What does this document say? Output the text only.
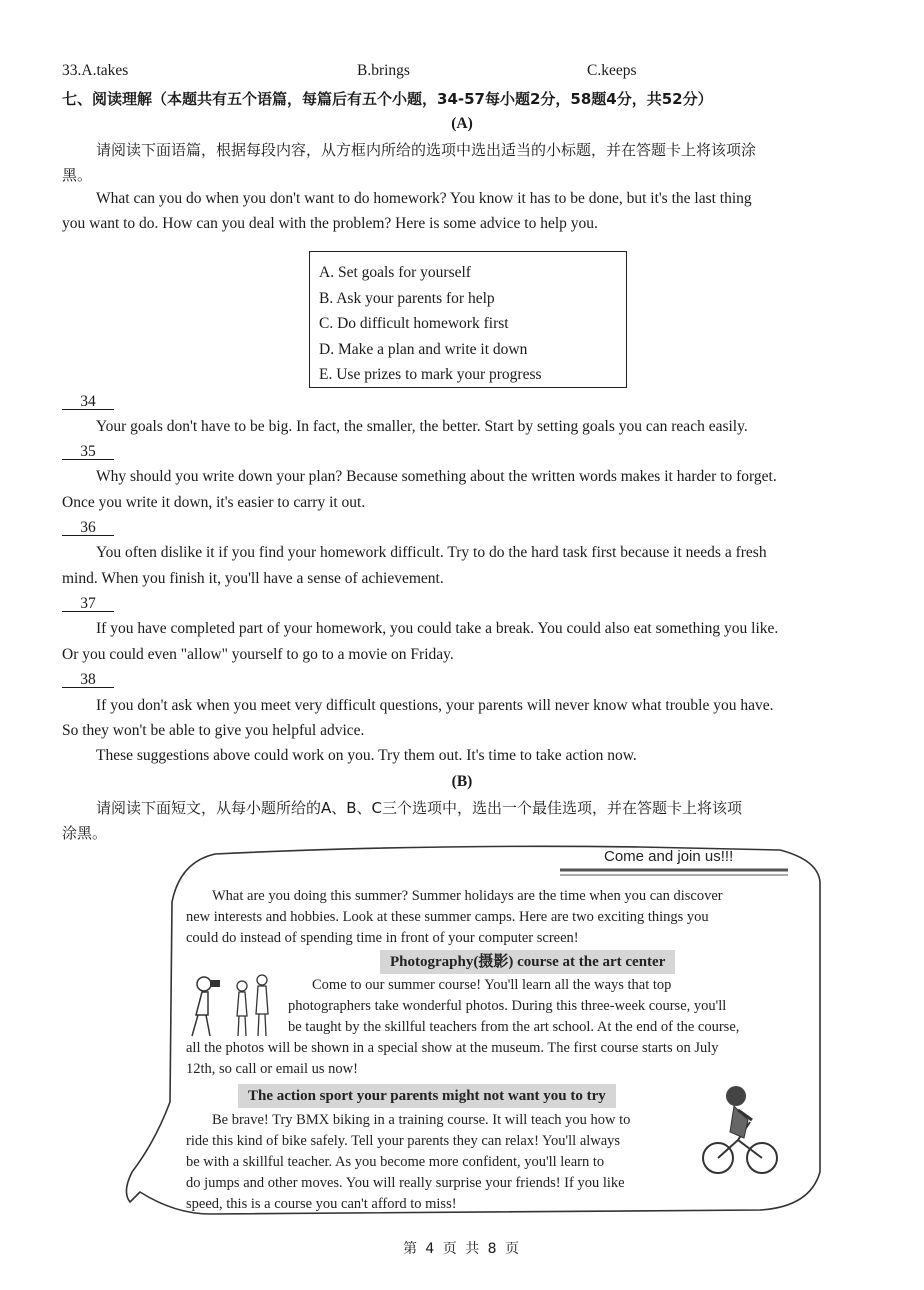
33.A.takes	B.brings	C.keeps

七、阅读理解（本题共有五个语篇，每篇后有五个小题，34-57每小题2分，58题4分，共52分）

(A)

请阅读下面语篇，根据每段内容，从方框内所给的选项中选出适当的小标题，并在答题卡上将该项涂

黑。

What can you do when you don't want to do homework? You know it has to be done, but it's the last thing

you want to do. How can you deal with the problem? Here is some advice to help you.

A. Set goals for yourself
B. Ask your parents for help
C. Do difficult homework first
D. Make a plan and write it down
E. Use prizes to mark your progress
34

Your goals don't have to be big. In fact, the smaller, the better. Start by setting goals you can reach easily.

35

Why should you write down your plan? Because something about the written words makes it harder to forget.

Once you write it down, it's easier to carry it out.

36

You often dislike it if you find your homework difficult. Try to do the hard task first because it needs a fresh

mind. When you finish it, you'll have a sense of achievement.

37

If you have completed part of your homework, you could take a break. You could also eat something you like.

Or you could even "allow" yourself to go to a movie on Friday.

38

If you don't ask when you meet very difficult questions, your parents will never know what trouble you have.

So they won't be able to give you helpful advice.

These suggestions above could work on you. Try them out. It's time to take action now.

(B)

请阅读下面短文，从每小题所给的A、B、C三个选项中，选出一个最佳选项，并在答题卡上将该项

涂黑。

Come and join us!!!
What are you doing this summer? Summer holidays are the time when you can discover
new interests and hobbies. Look at these summer camps. Here are two exciting things you
could do instead of spending time in front of your computer screen!
Photography(摄影) course at the art center
Come to our summer course! You'll learn all the ways that top
photographers take wonderful photos. During this three-week course, you'll
be taught by the skillful teachers from the art school. At the end of the course,
all the photos will be shown in a special show at the museum. The first course starts on July
12th, so call or email us now!
The action sport your parents might not want you to try
Be brave! Try BMX biking in a training course. It will teach you how to
ride this kind of bike safely. Tell your parents they can relax! You'll always
be with a skillful teacher. As you become more confident, you'll learn to
do jumps and other moves. You will really surprise your friends! If you like
speed, this is a course you can't afford to miss!
第 4 页 共 8 页
